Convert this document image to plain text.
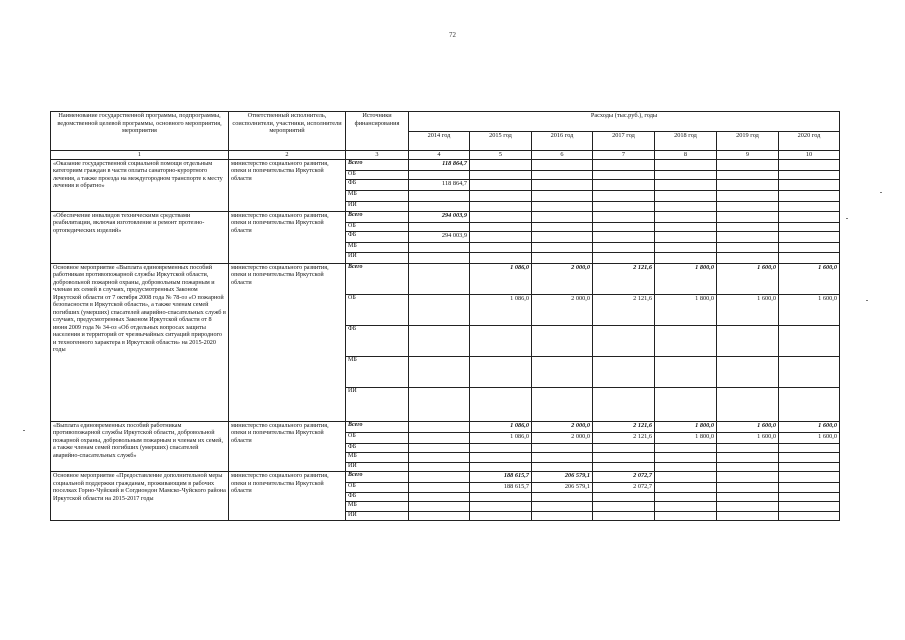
72
Наименование государственной программы, подпрограммы, ведомственной целевой программы, основного мероприятия, мероприятия	Ответственный исполнитель, соисполнители, участники, исполнители мероприятий	Источники финансирования	Расходы (тыс.руб.), годы						
			2014 год	2015 год	2016 год	2017 год	2018 год	2019 год	2020 год
1	2	3	4	5	6	7	8	9	10
«Оказание государственной социальной помощи отдельным категориям граждан в части оплаты санаторно-курортного лечения, а также проезда на междугородном транспорте к месту лечения и обратно»	министерство социального развития, опеки и попечительства Иркутской области	Всего	118 864,7						
		ОБ							
		ФБ	118 864,7						
		МБ							
		ИИ							
«Обеспечение инвалидов техническими средствами реабилитации, включая изготовление и ремонт протезно-ортопедических изделий»	министерство социального развития, опеки и попечительства Иркутской области	Всего	294 003,9						
		ОБ							
		ФБ	294 003,9						
		МБ							
		ИИ							
Основное мероприятие «Выплата единовременных пособий работникам противопожарной службы Иркутской области, добровольной пожарной охраны, добровольным пожарным и членам их семей в случаях, предусмотренных Законом Иркутской области от 7 октября 2008 года № 78-оз «О пожарной безопасности в Иркутской области», а также членам семей погибших (умерших) спасателей аварийно-спасательных служб в случаях, предусмотренных Законом Иркутской области от 8 июня 2009 года № 34-оз «Об отдельных вопросах защиты населения и территорий от чрезвычайных ситуаций природного и техногенного характера в Иркутской области» на 2015-2020 годы	министерство социального развития, опеки и попечительства Иркутской области	Всего		1 086,0	2 000,0	2 121,6	1 800,0	1 600,0	1 600,0
		ОБ		1 086,0	2 000,0	2 121,6	1 800,0	1 600,0	1 600,0
		ФБ							
		МБ							
		ИИ							
«Выплата единовременных пособий работникам противопожарной службы Иркутской области, добровольной пожарной охраны, добровольным пожарным и членам их семей, а также членам семей погибших (умерших) спасателей аварийно-спасательных служб»	министерство социального развития, опеки и попечительства Иркутской области	Всего		1 086,0	2 000,0	2 121,6	1 800,0	1 600,0	1 600,0
		ОБ		1 086,0	2 000,0	2 121,6	1 800,0	1 600,0	1 600,0
		ФБ							
		МБ							
		ИИ							
Основное мероприятие «Предоставление дополнительной меры социальной поддержки гражданам, проживающим в рабочих поселках Горно-Чуйский и Согдиондон Мамско-Чуйского района Иркутской области на 2015-2017 годы	министерство социального развития, опеки и попечительства Иркутской области	Всего		188 615,7	206 579,1	2 072,7			
		ОБ		188 615,7	206 579,1	2 072,7			
		ФБ							
		МБ							
		ИИ							
